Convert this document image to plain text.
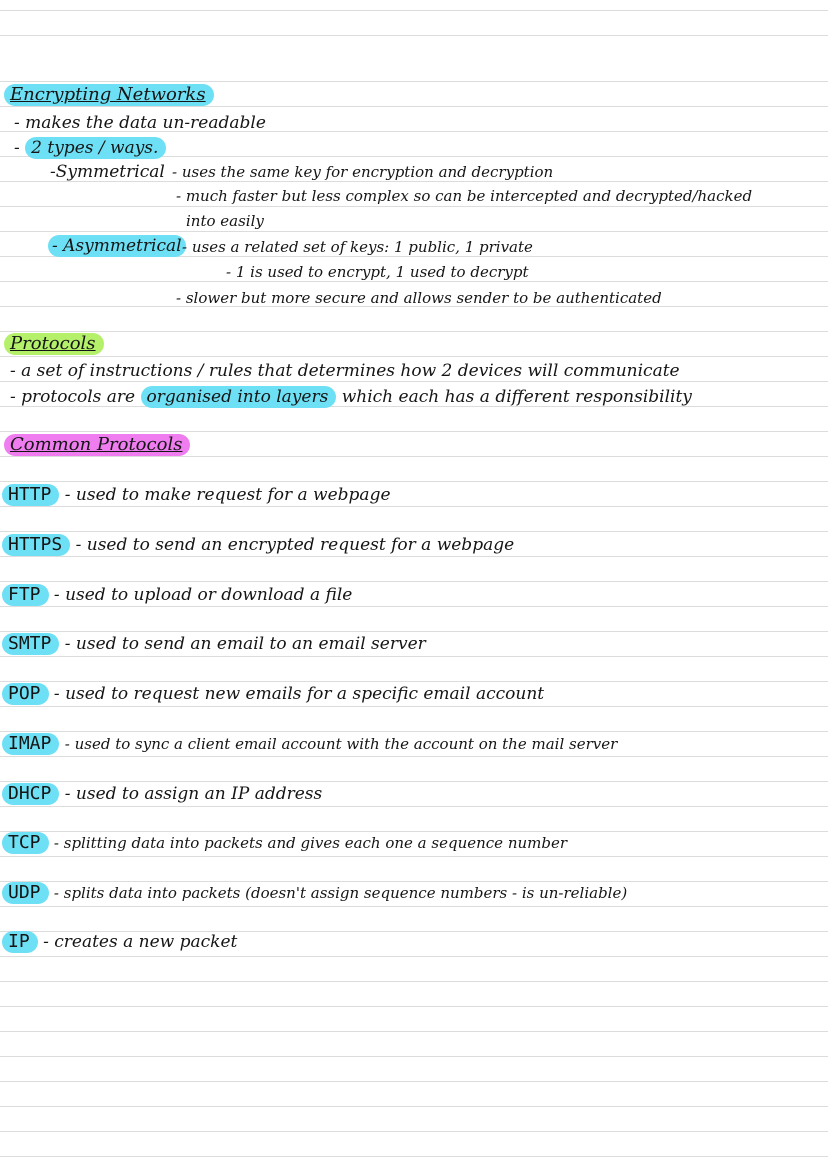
Encrypting Networks
- makes the data un-readable
- 2 types / ways.
-Symmetrical - uses the same key for encryption and decryption
- much faster but less complex so can be intercepted and decrypted/hacked
into easily
- Asymmetrical - uses a related set of keys: 1 public, 1 private
- 1 is used to encrypt, 1 used to decrypt
- slower but more secure and allows sender to be authenticated
Protocols
- a set of instructions / rules that determines how 2 devices will communicate
- protocols are organised into layers which each has a different responsibility
Common Protocols
HTTP - used to make request for a webpage
HTTPS - used to send an encrypted request for a webpage
FTP - used to upload or download a file
SMTP - used to send an email to an email server
POP - used to request new emails for a specific email account
IMAP - used to sync a client email account with the account on the mail server
DHCP - used to assign an IP address
TCP - splitting data into packets and gives each one a sequence number
UDP - splits data into packets (doesn't assign sequence numbers - is un-reliable)
IP - creates a new packet
